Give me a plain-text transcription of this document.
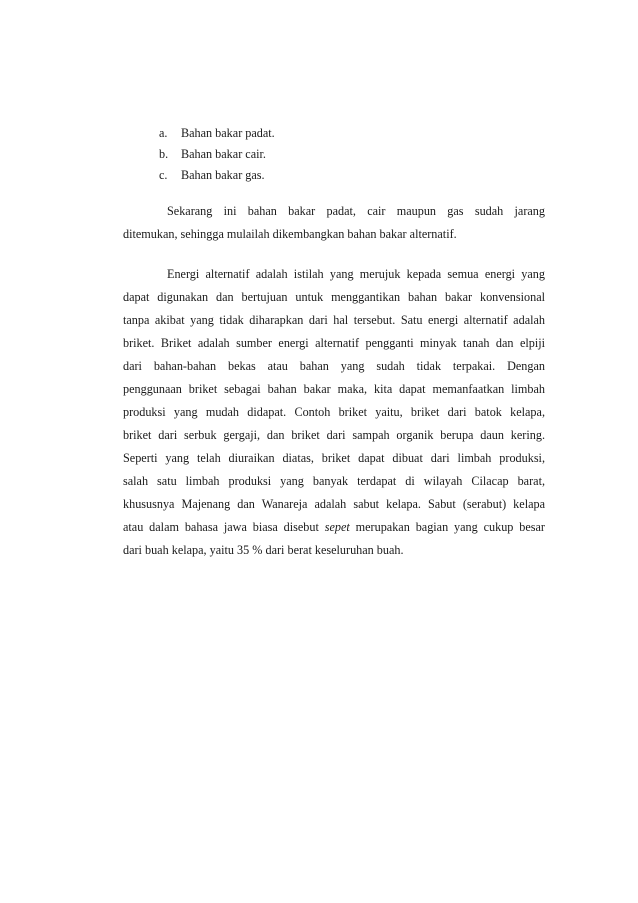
a. Bahan bakar padat.
b. Bahan bakar cair.
c. Bahan bakar gas.
Sekarang ini bahan bakar padat, cair maupun gas sudah jarang
ditemukan, sehingga mulailah dikembangkan bahan bakar alternatif.
Energi alternatif adalah istilah yang merujuk kepada semua energi yang
dapat digunakan dan bertujuan untuk menggantikan bahan bakar konvensional
tanpa akibat yang tidak diharapkan dari hal tersebut. Satu energi alternatif adalah
briket. Briket adalah sumber energi alternatif pengganti minyak tanah dan elpiji
dari bahan-bahan bekas atau bahan yang sudah tidak terpakai. Dengan
penggunaan briket sebagai bahan bakar maka, kita dapat memanfaatkan limbah
produksi yang mudah didapat. Contoh briket yaitu, briket dari batok kelapa,
briket dari serbuk gergaji, dan briket dari sampah organik berupa daun kering.
Seperti yang telah diuraikan diatas, briket dapat dibuat dari limbah produksi,
salah satu limbah produksi yang banyak terdapat di wilayah Cilacap barat,
khususnya Majenang dan Wanareja adalah sabut kelapa. Sabut (serabut) kelapa
atau dalam bahasa jawa biasa disebut sepet merupakan bagian yang cukup besar
dari buah kelapa, yaitu 35 % dari berat keseluruhan buah.
